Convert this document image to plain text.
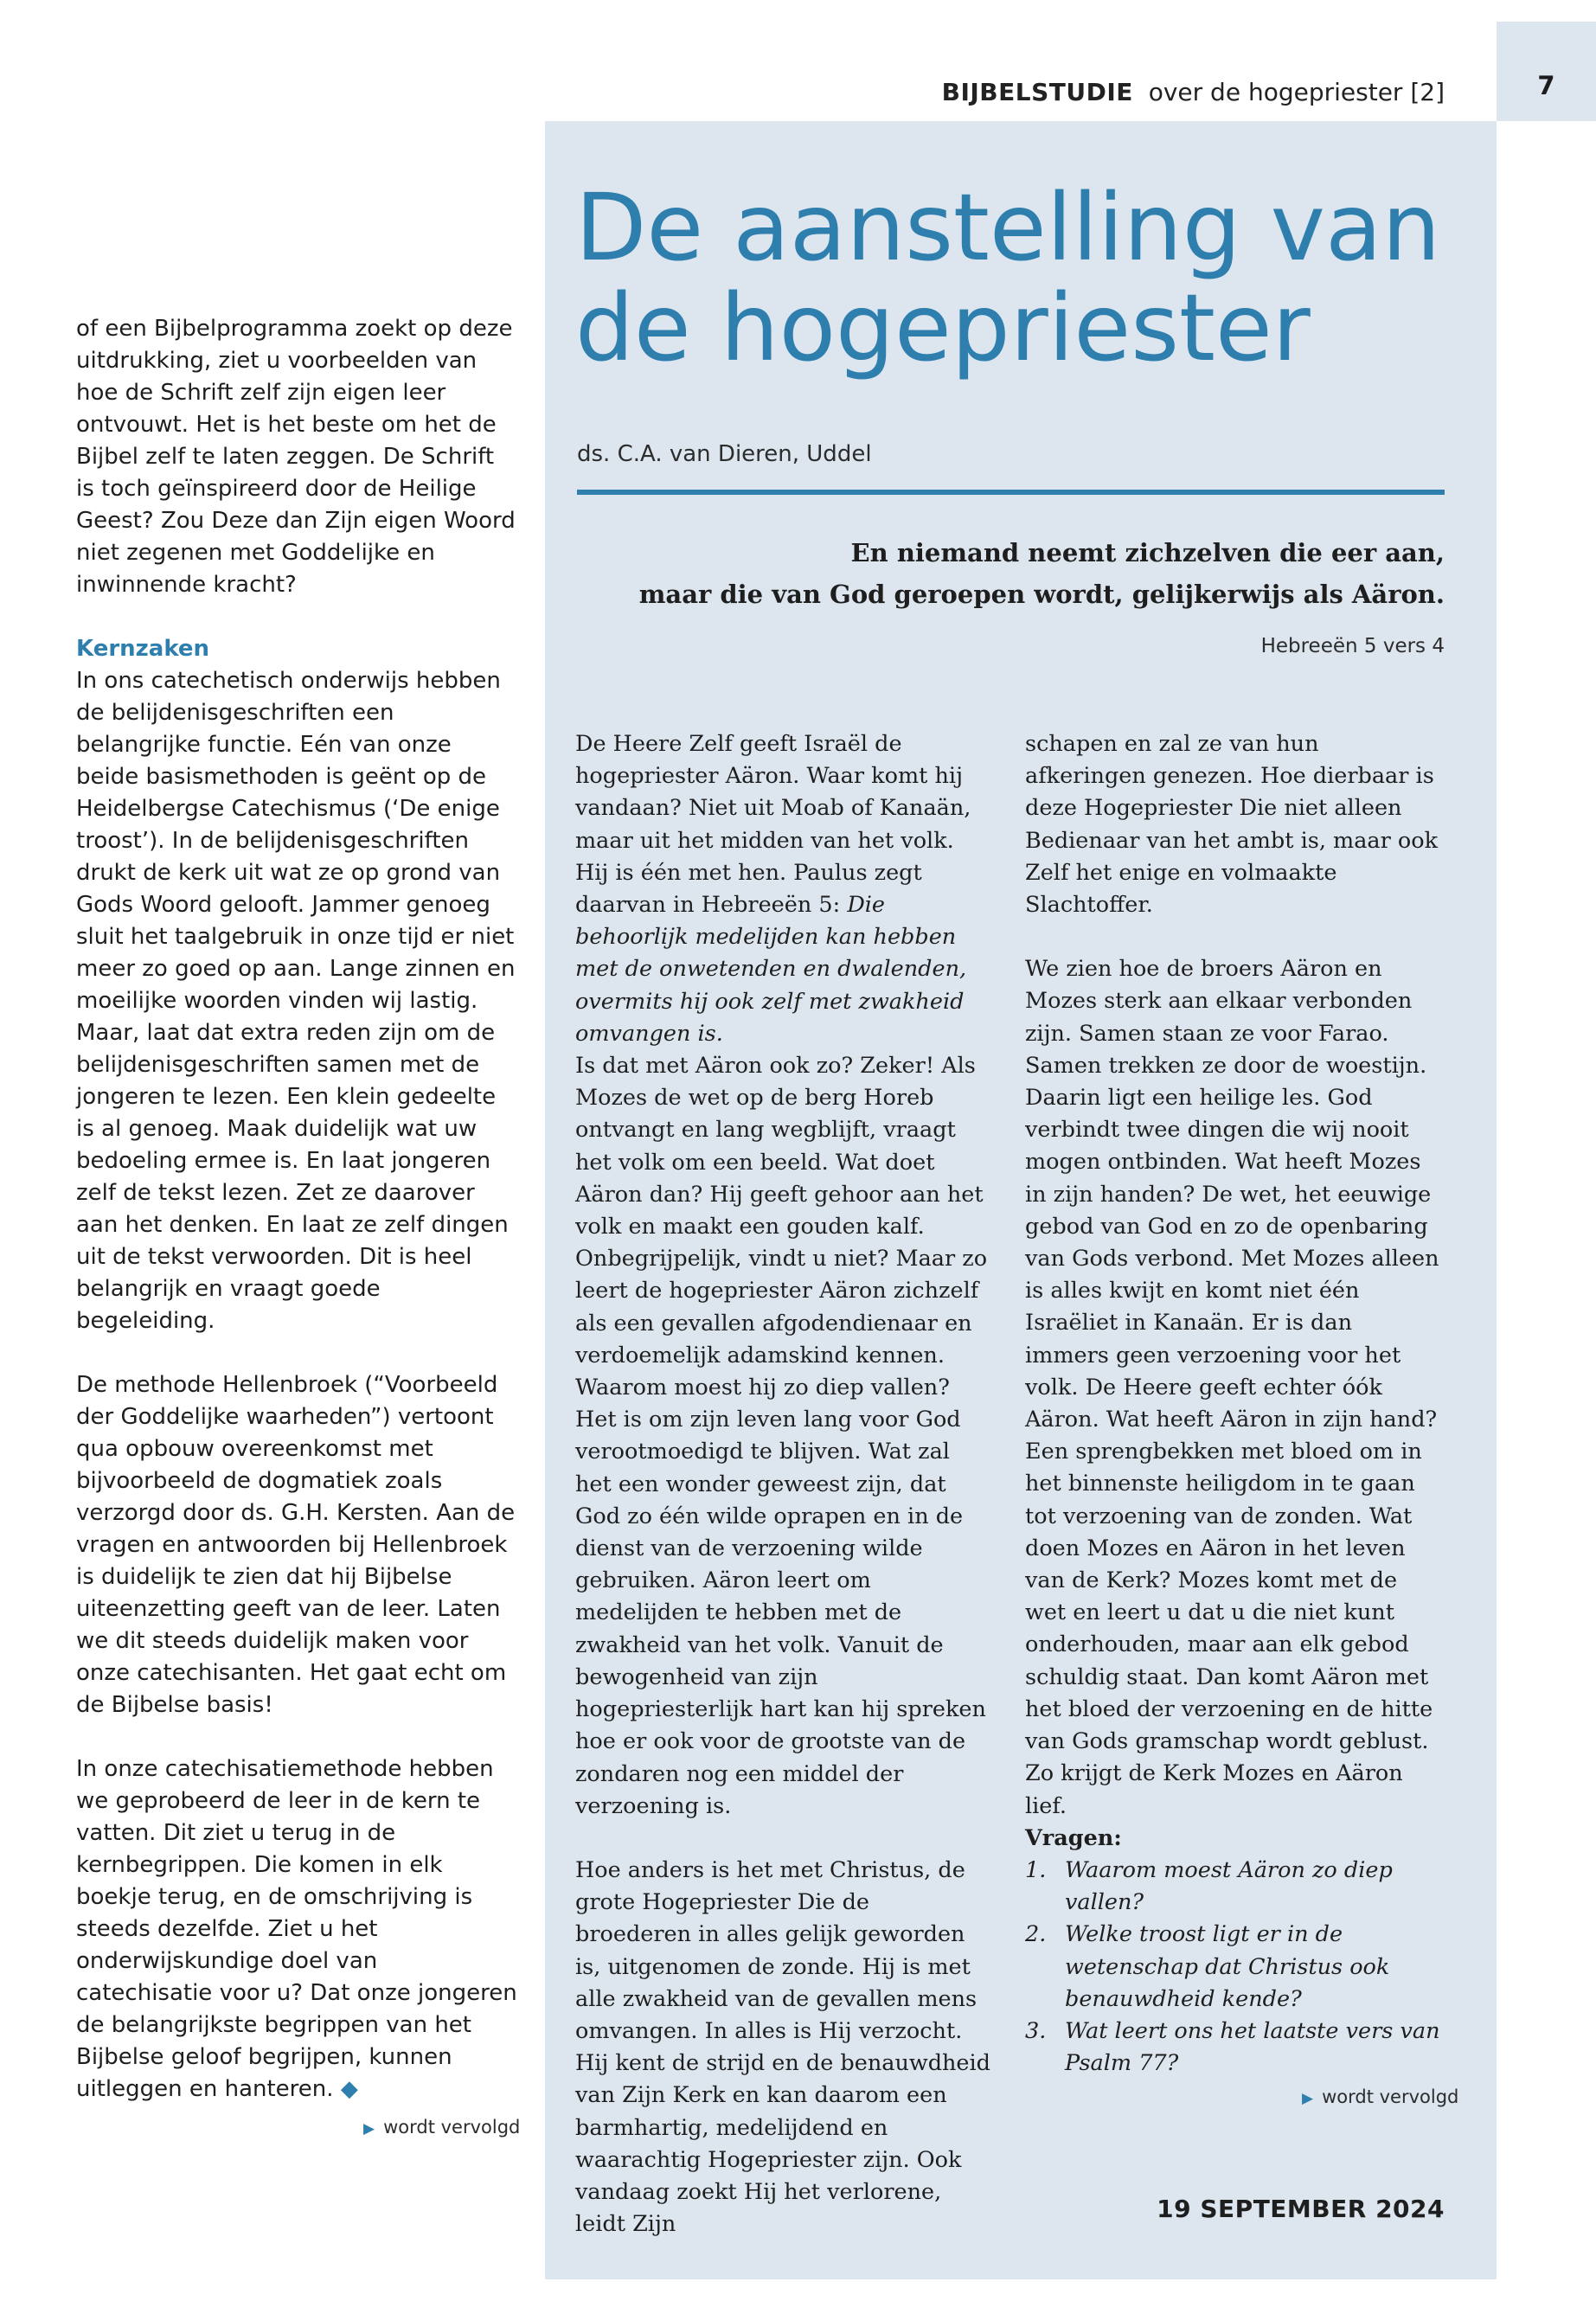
7
BIJBELSTUDIE over de hogepriester [2]

of een Bijbelprogramma zoekt op deze uitdrukking, ziet u voorbeelden van hoe de Schrift zelf zijn eigen leer ontvouwt. Het is het beste om het de Bijbel zelf te laten zeggen. De Schrift is toch geïnspireerd door de Heilige Geest? Zou Deze dan Zijn eigen Woord niet zegenen met Goddelijke en inwinnende kracht?

Kernzaken

In ons catechetisch onderwijs hebben de belijdenisgeschriften een belangrijke functie. Eén van onze beide basismethoden is geënt op de Heidelbergse Catechismus (‘De enige troost’). In de belijdenisgeschriften drukt de kerk uit wat ze op grond van Gods Woord gelooft. Jammer genoeg sluit het taalgebruik in onze tijd er niet meer zo goed op aan. Lange zinnen en moeilijke woorden vinden wij lastig. Maar, laat dat extra reden zijn om de belijdenisgeschriften samen met de jongeren te lezen. Een klein gedeelte is al genoeg. Maak duidelijk wat uw bedoeling ermee is. En laat jongeren zelf de tekst lezen. Zet ze daarover aan het denken. En laat ze zelf dingen uit de tekst verwoorden. Dit is heel belangrijk en vraagt goede begeleiding.

De methode Hellenbroek (“Voorbeeld der Goddelijke waarheden”) vertoont qua opbouw overeenkomst met bijvoorbeeld de dogmatiek zoals verzorgd door ds. G.H. Kersten. Aan de vragen en antwoorden bij Hellenbroek is duidelijk te zien dat hij Bijbelse uiteenzetting geeft van de leer. Laten we dit steeds duidelijk maken voor onze catechisanten. Het gaat echt om de Bijbelse basis!

In onze catechisatiemethode hebben we geprobeerd de leer in de kern te vatten. Dit ziet u terug in de kernbegrippen. Die komen in elk boekje terug, en de omschrijving is steeds dezelfde. Ziet u het onderwijskundige doel van catechisatie voor u? Dat onze jongeren de belangrijkste begrippen van het Bijbelse geloof begrijpen, kunnen uitleggen en hanteren. ◆

▶ wordt vervolgd
De aanstelling van de hogepriester
ds. C.A. van Dieren, Uddel
En niemand neemt zichzelven die eer aan,
maar die van God geroepen wordt, gelijkerwijs als Aäron.
Hebreeën 5 vers 4

De Heere Zelf geeft Israël de hogepriester Aäron. Waar komt hij vandaan? Niet uit Moab of Kanaän, maar uit het midden van het volk. Hij is één met hen. Paulus zegt daarvan in Hebreeën 5: Die behoorlijk medelijden kan hebben met de onwetenden en dwalenden, overmits hij ook zelf met zwakheid omvangen is.

Is dat met Aäron ook zo? Zeker! Als Mozes de wet op de berg Horeb ontvangt en lang wegblijft, vraagt het volk om een beeld. Wat doet Aäron dan? Hij geeft gehoor aan het volk en maakt een gouden kalf. Onbegrijpelijk, vindt u niet? Maar zo leert de hogepriester Aäron zichzelf als een gevallen afgodendienaar en verdoemelijk adamskind kennen. Waarom moest hij zo diep vallen? Het is om zijn leven lang voor God verootmoedigd te blijven. Wat zal het een wonder geweest zijn, dat God zo één wilde oprapen en in de dienst van de verzoening wilde gebruiken. Aäron leert om medelijden te hebben met de zwakheid van het volk. Vanuit de bewogenheid van zijn hogepriesterlijk hart kan hij spreken hoe er ook voor de grootste van de zondaren nog een middel der verzoening is.

Hoe anders is het met Christus, de grote Hogepriester Die de broederen in alles gelijk geworden is, uitgenomen de zonde. Hij is met alle zwakheid van de gevallen mens omvangen. In alles is Hij verzocht. Hij kent de strijd en de benauwdheid van Zijn Kerk en kan daarom een barmhartig, medelijdend en waarachtig Hogepriester zijn. Ook vandaag zoekt Hij het verlorene, leidt Zijn

schapen en zal ze van hun afkeringen genezen. Hoe dierbaar is deze Hogepriester Die niet alleen Bedienaar van het ambt is, maar ook Zelf het enige en volmaakte Slachtoffer.

We zien hoe de broers Aäron en Mozes sterk aan elkaar verbonden zijn. Samen staan ze voor Farao. Samen trekken ze door de woestijn. Daarin ligt een heilige les. God verbindt twee dingen die wij nooit mogen ontbinden. Wat heeft Mozes in zijn handen? De wet, het eeuwige gebod van God en zo de openbaring van Gods verbond. Met Mozes alleen is alles kwijt en komt niet één Israëliet in Kanaän. Er is dan immers geen verzoening voor het volk. De Heere geeft echter óók Aäron. Wat heeft Aäron in zijn hand? Een sprengbekken met bloed om in het binnenste heiligdom in te gaan tot verzoening van de zonden. Wat doen Mozes en Aäron in het leven van de Kerk? Mozes komt met de wet en leert u dat u die niet kunt onderhouden, maar aan elk gebod schuldig staat. Dan komt Aäron met het bloed der verzoening en de hitte van Gods gramschap wordt geblust. Zo krijgt de Kerk Mozes en Aäron lief.

Vragen:

1. Waarom moest Aäron zo diep vallen?
2. Welke troost ligt er in de wetenschap dat Christus ook benauwdheid kende?
3. Wat leert ons het laatste vers van Psalm 77?
▶ wordt vervolgd
19 SEPTEMBER 2024
